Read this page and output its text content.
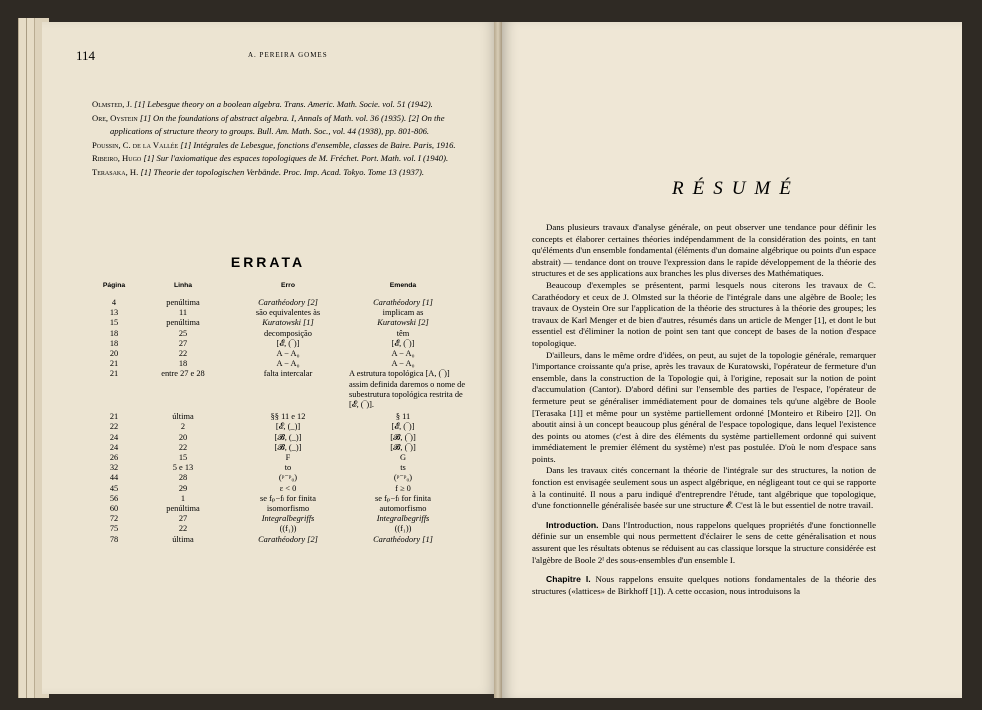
114	A. PEREIRA GOMES

Olmsted, J. [1] Lebesgue theory on a boolean algebra. Trans. Americ. Math. Socie. vol. 51 (1942).

Ore, Oystein [1] On the foundations of abstract algebra. I, Annals of Math. vol. 36 (1935). [2] On the applications of structure theory to groups. Bull. Am. Math. Soc., vol. 44 (1938), pp. 801-806.

Poussin, C. de la Vallée [1] Intégrales de Lebesgue, fonctions d'ensemble, classes de Baire. Paris, 1916.

Ribeiro, Hugo [1] Sur l'axiomatique des espaces topologiques de M. Fréchet. Port. Math. vol. I (1940).

Terasaka, H. [1] Theorie der topologischen Verbände. Proc. Imp. Acad. Tokyo. Tome 13 (1937).

ERRATA
Página	Linha	Erro	Emenda
4	penúltima	Carathéodory [2]	Carathéodory [1]
13	11	são equivalentes às	implicam as
15	penúltima	Kuratowski [1]	Kuratowski [2]
18	25	decomposição	têm
18	27	[𝓔, (‾)]	[𝓔, (‾)]
20	22	A − A₀	A − A₀
21	18	A − A₀	A − A₀
21	entre 27 e 28	falta intercalar	A estrutura topológica [A, (‾)] assim definida daremos o nome de subestrutura topológica restrita de [𝓔, (‾)].
21	última	§§ 11 e 12	§ 11
22	2	[𝓔, (_)]	[𝓔, (‾)]
24	20	[𝓑, (_)]	[𝓑, (‾)]
24	22	[𝓑, (_)]	[𝓑, (‾)]
26	15	F	G
32	5 e 13	to	ts
44	28	(ᵖ⁻ᵖ₀)	(ᵖ⁻ᵖ₀)
45	29	ε < 0	f ≥ 0
56	1	se fₚ−fₗ for finita	se fₚ−fₗ for finita
60	penúltima	isomorfismo	automorfismo
72	27	Integralbegriffs	Integralbegriffs
75	22	((f₁))	((f₁))
78	última	Carathéodory [2]	Carathéodory [1]
RÉSUMÉ

Dans plusieurs travaux d'analyse générale, on peut observer une tendance pour définir les concepts et élaborer certaines théories indépendamment de la considération des points, en tant qu'éléments d'un ensemble fondamental (éléments d'un domaine algébrique ou points d'un espace abstrait) — tendance dont on trouve l'expression dans le rapide développement de la théorie des structures et de ses applications aux branches les plus diverses des Mathématiques.

Beaucoup d'exemples se présentent, parmi lesquels nous citerons les travaux de C. Carathéodory et ceux de J. Olmsted sur la théorie de l'intégrale dans une algèbre de Boole; les travaux de Oystein Ore sur l'application de la théorie des structures à la théorie des groupes; les travaux de Karl Menger et de bien d'autres, résumés dans un article de Menger [1], et dont le but essentiel est d'éliminer la notion de point sen tant que concept de bases de la notion d'espace topologique.

D'ailleurs, dans le même ordre d'idées, on peut, au sujet de la topologie générale, remarquer l'importance croissante qu'a prise, après les travaux de Kuratowski, l'opérateur de fermeture d'un ensemble, dans la construction de la Topologie qui, à l'origine, reposait sur la notion de point d'accumulation (Cantor). D'abord défini sur l'ensemble des parties de l'espace, l'opérateur de fermeture peut se généraliser immédiatement pour de domaines tels qu'une algèbre de Boole [Terasaka [1]] et même pour un système partiellement ordonné [Monteiro et Ribeiro [2]]. On aboutit ainsi à un concept beaucoup plus général de l'espace topologique, dans lequel l'existence des points ou atomes (c'est à dire des éléments du système partiellement ordonné qui suivent immédiatement le premier élément du système) n'est pas postulée. D'où le nom d'espace sans points.

Dans les travaux cités concernant la théorie de l'intégrale sur des structures, la notion de fonction est envisagée seulement sous un aspect algébrique, en négligeant tout ce qui se rapporte à la continuité. Il nous a paru indiqué d'entreprendre l'étude, tant algébrique que topologique, d'une fonctionnelle généralisée basée sur une structure 𝓔. C'est là le but essentiel de notre travail.

Introduction. Dans l'Introduction, nous rappelons quelques propriétés d'une fonctionnelle définie sur un ensemble qui nous permettent d'éclairer le sens de cette généralisation et nous assurent que les résultats obtenus se réduisent au cas classique lorsque la structure considérée est l'algèbre de Boole 2ᴵ des sous-ensembles d'un ensemble I.

Chapitre I. Nous rappelons ensuite quelques notions fondamentales de la théorie des structures («lattices» de Birkhoff [1]). A cette occasion, nous introduisons la
